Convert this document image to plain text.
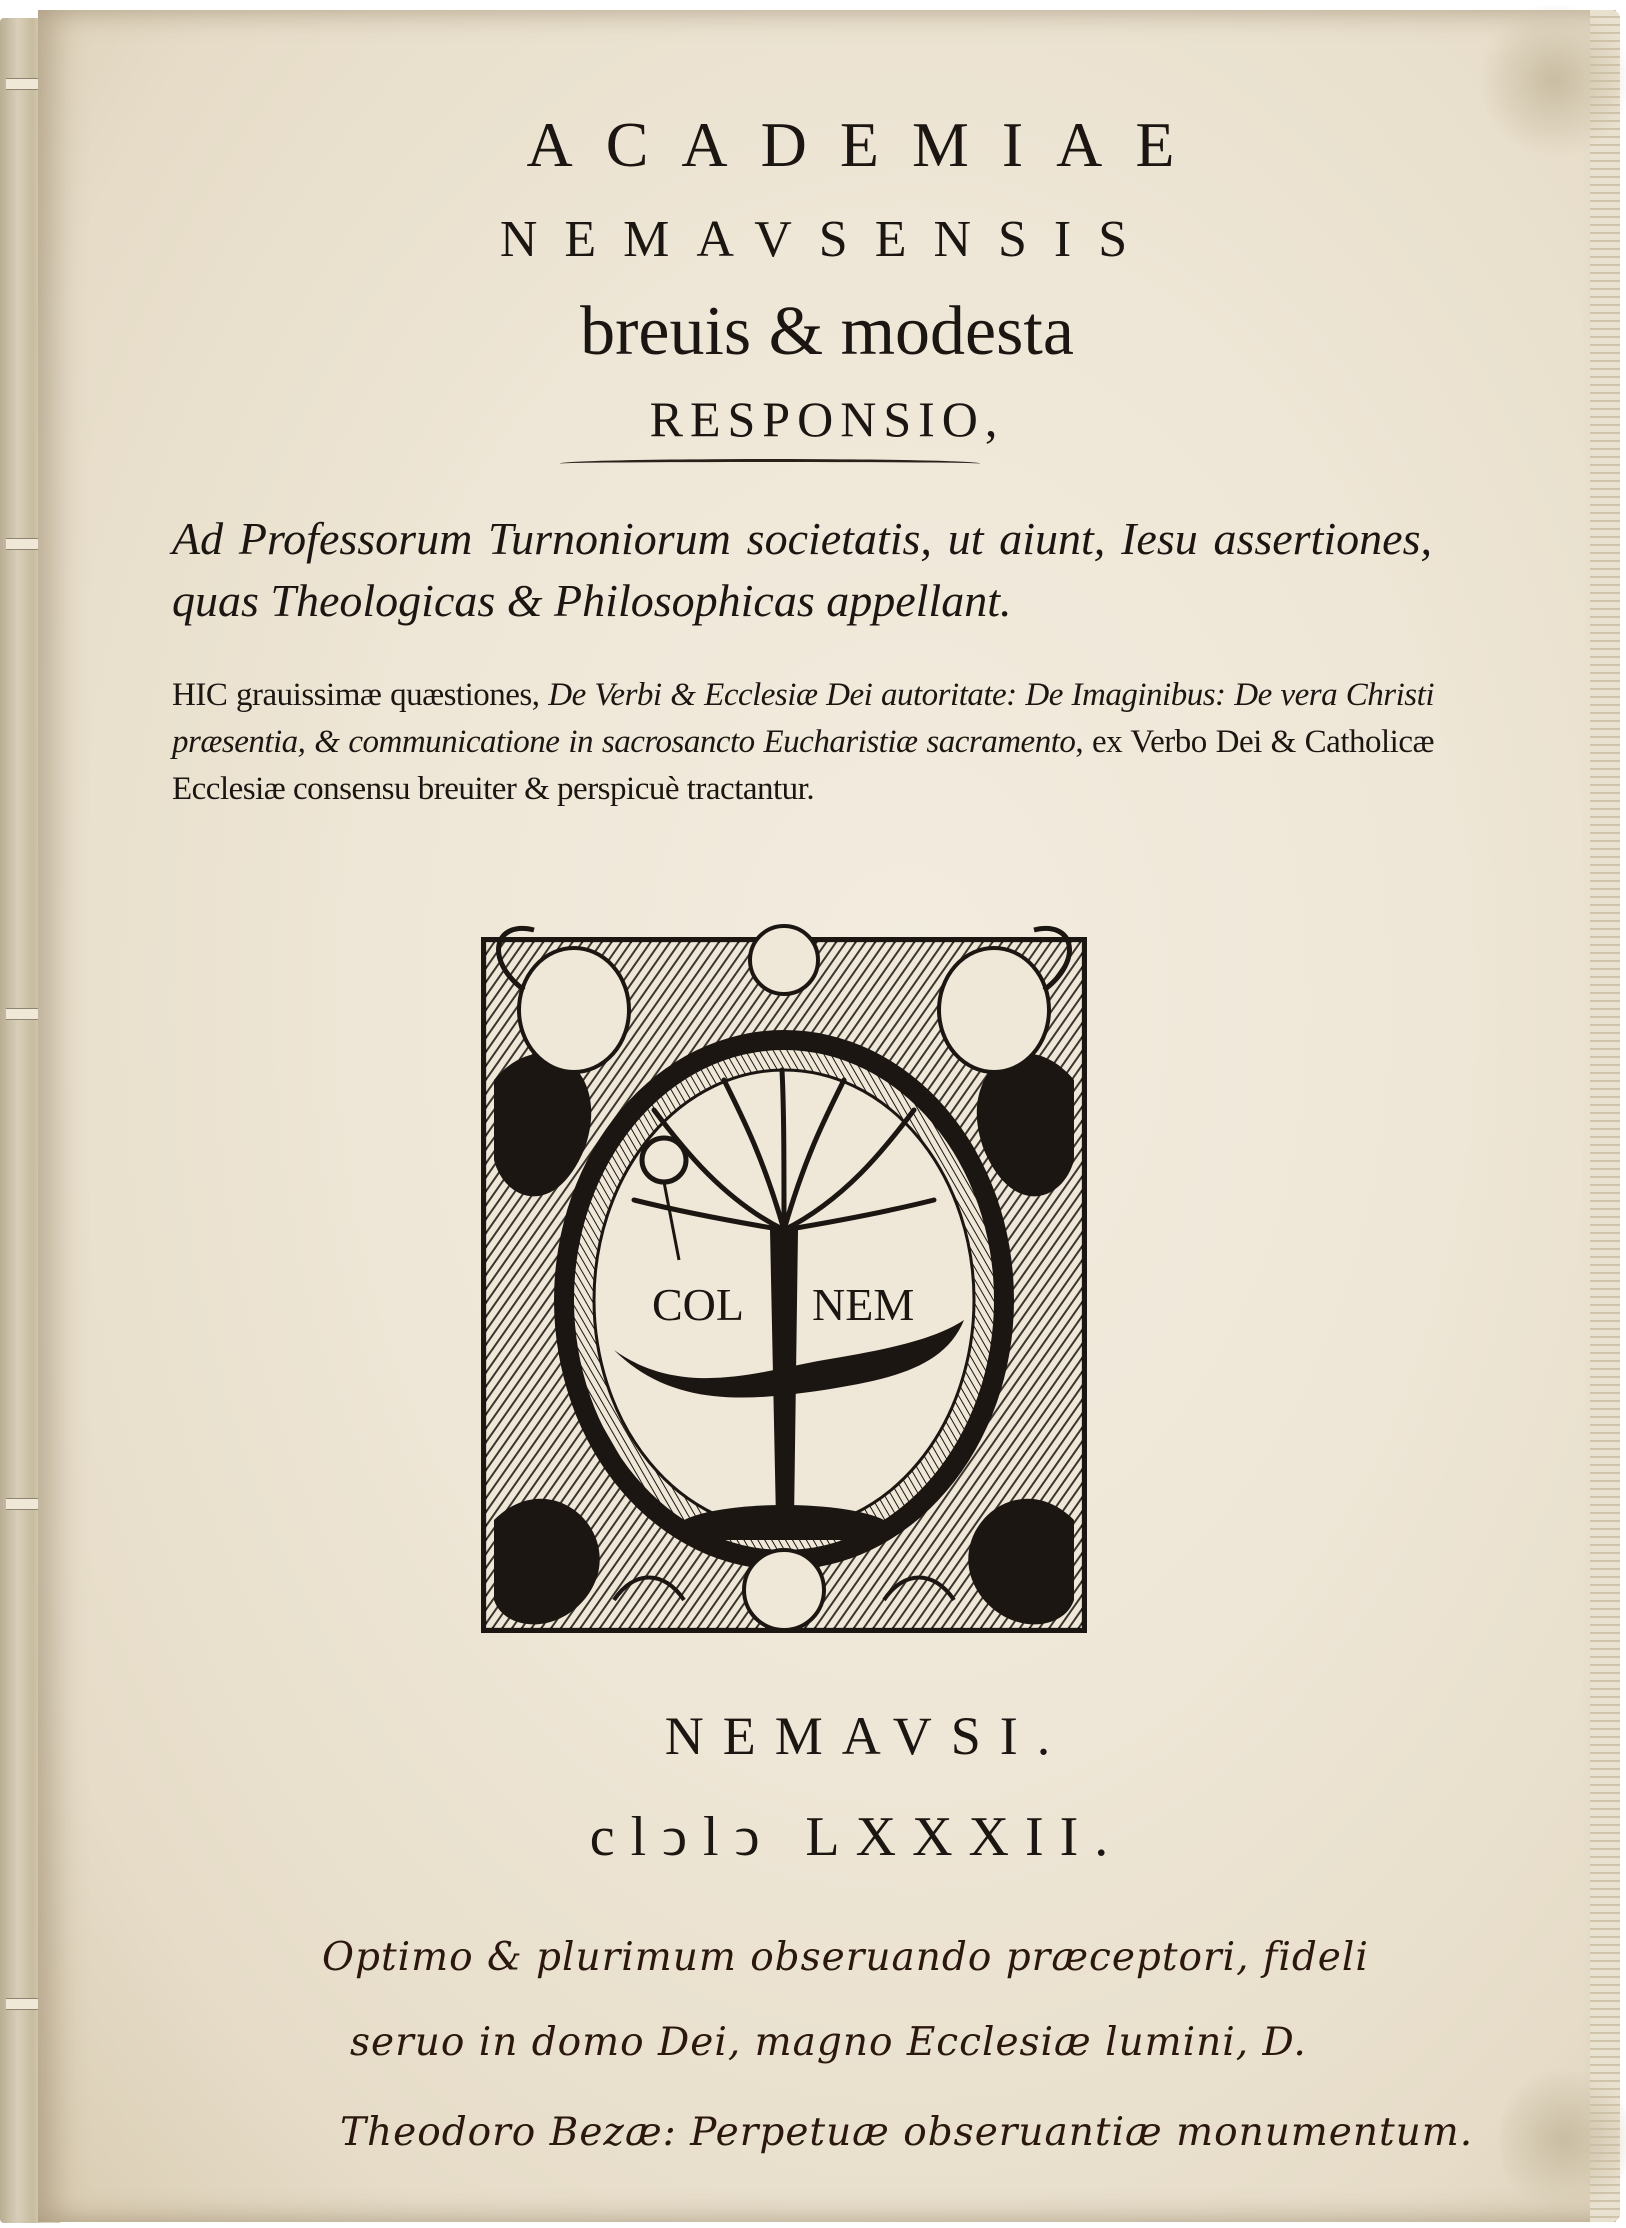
ACADEMIAE
NEMAVSENSIS
breuis & modesta
RESPONSIO,
Ad Professorum Turnoniorum societatis, ut aiunt, Iesu assertiones, quas Theologicas & Philosophicas appellant.
HIC grauissimæ quæstiones, De Verbi & Ecclesiæ Dei autoritate: De Imaginibus: De vera Christi præsentia, & communicatione in sacrosancto Eucharistiæ sacramento, ex Verbo Dei & Catholicæ Ecclesiæ consensu breuiter & perspicuè tractantur.
COL NEM
NEMAVSI.
clↄlↄ LXXXII.
Optimo & plurimum obseruando præceptori, fideli
seruo in domo Dei, magno Ecclesiæ lumini, D.
Theodoro Bezæ: Perpetuæ obseruantiæ monumentum.
